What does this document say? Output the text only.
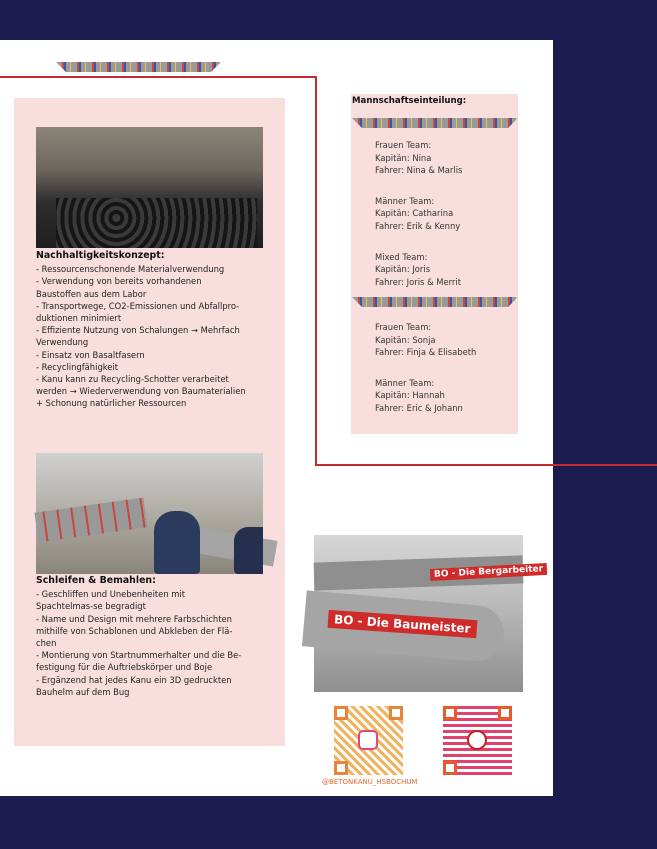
Nachhaltigkeitskonzept:
- Ressourcenschonende Materialverwendung
- Verwendung von bereits vorhandenen
Baustoffen aus dem Labor
- Transportwege, CO2-Emissionen und Abfallpro-
duktionen minimiert
- Effiziente Nutzung von Schalungen → Mehrfach
Verwendung
- Einsatz von Basaltfasern
- Recyclingfähigkeit
- Kanu kann zu Recycling-Schotter verarbeitet
werden → Wiederverwendung von Baumaterialien
+ Schonung natürlicher Ressourcen
Schleifen & Bemahlen:
- Geschliffen und Unebenheiten mit
Spachtelmas-se begradigt
- Name und Design mit mehrere Farbschichten
mithilfe von Schablonen und Abkleben der Flä-
chen
- Montierung von Startnummerhalter und die Be-
festigung für die Auftriebskörper und Boje
- Ergänzend hat jedes Kanu ein 3D gedruckten
Bauhelm auf dem Bug
Mannschaftseinteilung:
Frauen Team:
Kapitän: Nina
Fahrer: Nina & Marlis
Männer Team:
Kapitän: Catharina
Fahrer: Erik & Kenny
Mixed Team:
Kapitän: Joris
Fahrer: Joris & Merrit
Frauen Team:
Kapitän: Sonja
Fahrer: Finja & Elisabeth
Männer Team:
Kapitän: Hannah
Fahrer: Eric & Johann
BO - Die Bergarbeiter
BO - Die Baumeister
@BETONKANU_HSBOCHUM
